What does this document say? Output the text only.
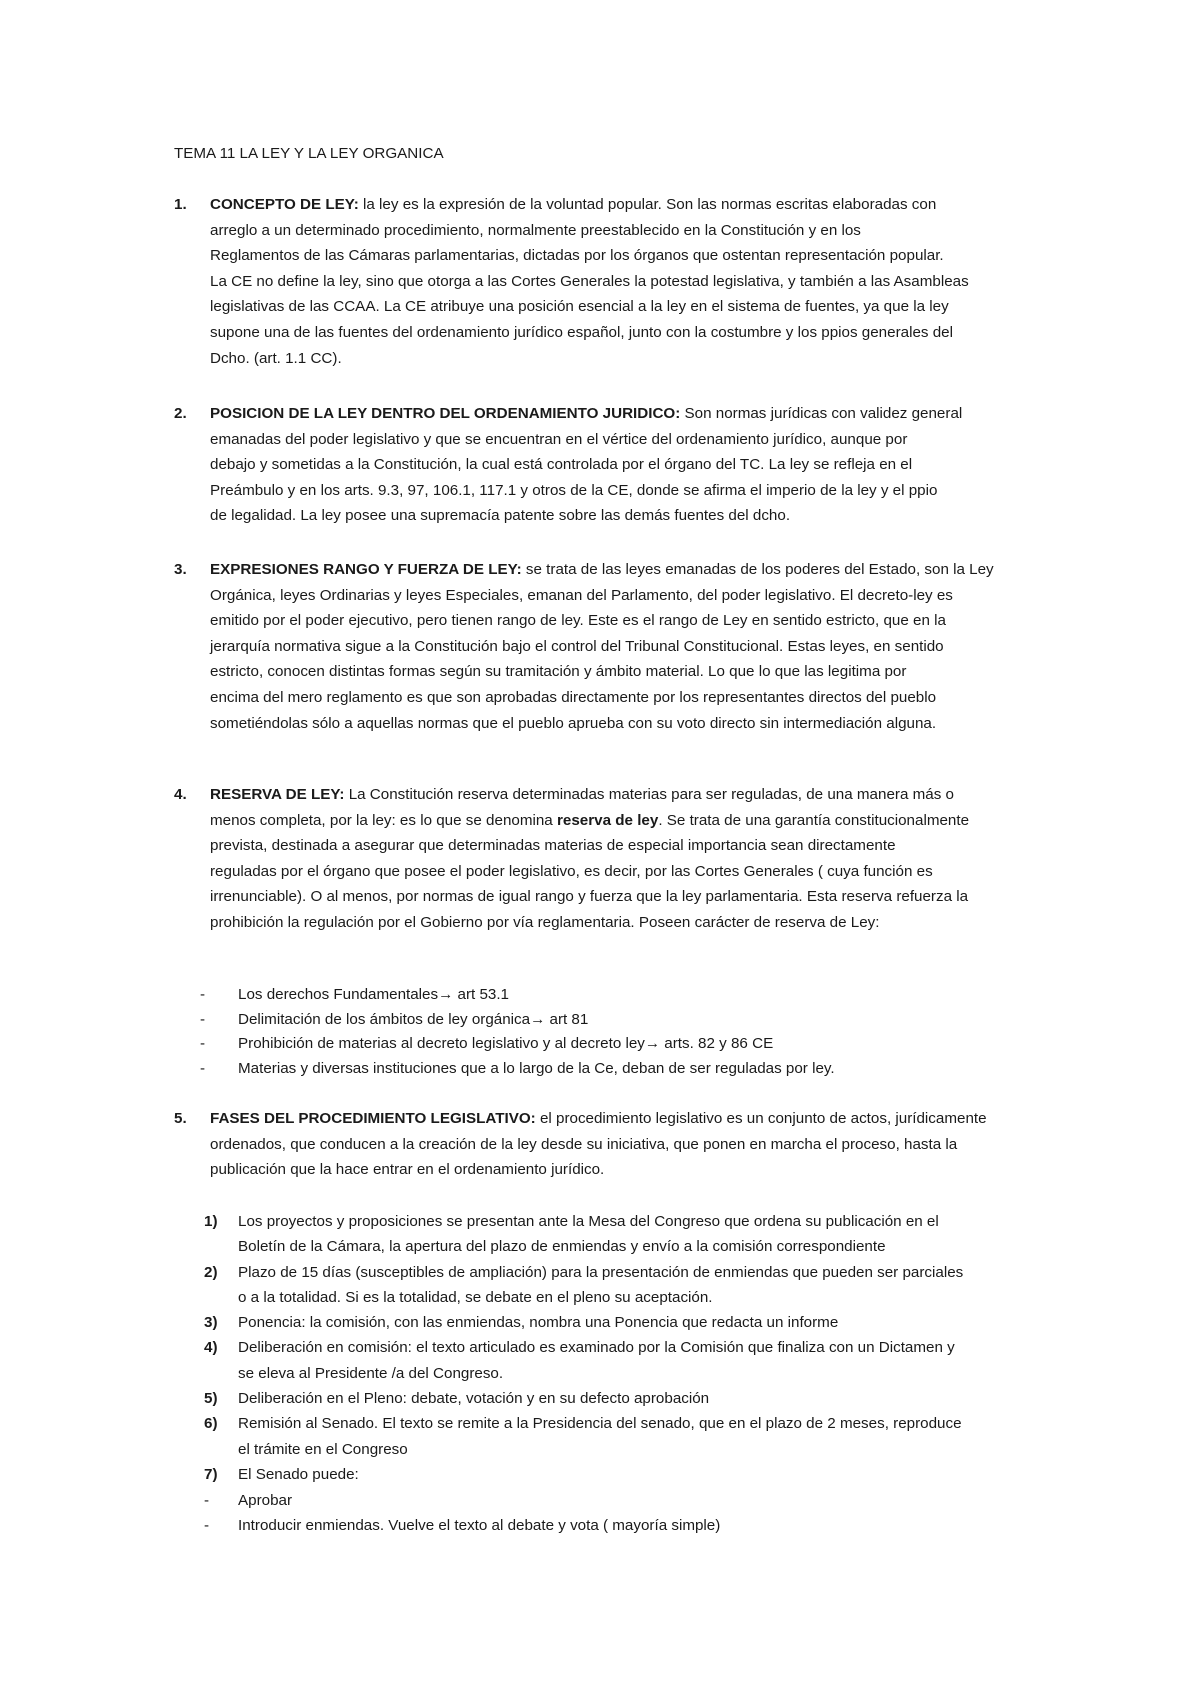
TEMA 11 LA LEY Y LA LEY ORGANICA
1. CONCEPTO DE LEY: la ley es la expresión de la voluntad popular. Son las normas escritas elaboradas con
arreglo a un determinado procedimiento, normalmente preestablecido en la Constitución y en los
Reglamentos de las Cámaras parlamentarias, dictadas por los órganos que ostentan representación popular.
La CE no define la ley, sino que otorga a las Cortes Generales la potestad legislativa, y también a las Asambleas
legislativas de las CCAA. La CE atribuye una posición esencial a la ley en el sistema de fuentes, ya que la ley
supone una de las fuentes del ordenamiento jurídico español, junto con la costumbre y los ppios generales del
Dcho. (art. 1.1 CC).
2. POSICION DE LA LEY DENTRO DEL ORDENAMIENTO JURIDICO: Son normas jurídicas con validez general
emanadas del poder legislativo y que se encuentran en el vértice del ordenamiento jurídico, aunque por
debajo y sometidas a la Constitución, la cual está controlada por el órgano del TC. La ley se refleja en el
Preámbulo y en los arts. 9.3, 97, 106.1, 117.1 y otros de la CE, donde se afirma el imperio de la ley y el ppio
de legalidad. La ley posee una supremacía patente sobre las demás fuentes del dcho.
3. EXPRESIONES RANGO Y FUERZA DE LEY: se trata de las leyes emanadas de los poderes del Estado, son la Ley
Orgánica, leyes Ordinarias y leyes Especiales, emanan del Parlamento, del poder legislativo. El decreto-ley es
emitido por el poder ejecutivo, pero tienen rango de ley. Este es el rango de Ley en sentido estricto, que en la
jerarquía normativa sigue a la Constitución bajo el control del Tribunal Constitucional. Estas leyes, en sentido
estricto, conocen distintas formas según su tramitación y ámbito material. Lo que lo que las legitima por
encima del mero reglamento es que son aprobadas directamente por los representantes directos del pueblo
sometiéndolas sólo a aquellas normas que el pueblo aprueba con su voto directo sin intermediación alguna.
4. RESERVA DE LEY: La Constitución reserva determinadas materias para ser reguladas, de una manera más o
menos completa, por la ley: es lo que se denomina reserva de ley. Se trata de una garantía constitucionalmente
prevista, destinada a asegurar que determinadas materias de especial importancia sean directamente
reguladas por el órgano que posee el poder legislativo, es decir, por las Cortes Generales ( cuya función es
irrenunciable). O al menos, por normas de igual rango y fuerza que la ley parlamentaria. Esta reserva refuerza la
prohibición la regulación por el Gobierno por vía reglamentaria. Poseen carácter de reserva de Ley:
- Los derechos Fundamentales→ art 53.1
- Delimitación de los ámbitos de ley orgánica→ art 81
- Prohibición de materias al decreto legislativo y al decreto ley→ arts. 82 y 86 CE
- Materias y diversas instituciones que a lo largo de la Ce, deban de ser reguladas por ley.
5. FASES DEL PROCEDIMIENTO LEGISLATIVO: el procedimiento legislativo es un conjunto de actos, jurídicamente
ordenados, que conducen a la creación de la ley desde su iniciativa, que ponen en marcha el proceso, hasta la
publicación que la hace entrar en el ordenamiento jurídico.
1) Los proyectos y proposiciones se presentan ante la Mesa del Congreso que ordena su publicación en el
Boletín de la Cámara, la apertura del plazo de enmiendas y envío a la comisión correspondiente
2) Plazo de 15 días (susceptibles de ampliación) para la presentación de enmiendas que pueden ser parciales
o a la totalidad. Si es la totalidad, se debate en el pleno su aceptación.
3) Ponencia: la comisión, con las enmiendas, nombra una Ponencia que redacta un informe
4) Deliberación en comisión: el texto articulado es examinado por la Comisión que finaliza con un Dictamen y
se eleva al Presidente /a del Congreso.
5) Deliberación en el Pleno: debate, votación y en su defecto aprobación
6) Remisión al Senado. El texto se remite a la Presidencia del senado, que en el plazo de 2 meses, reproduce
el trámite en el Congreso
7) El Senado puede:
- Aprobar
- Introducir enmiendas. Vuelve el texto al debate y vota ( mayoría simple)
